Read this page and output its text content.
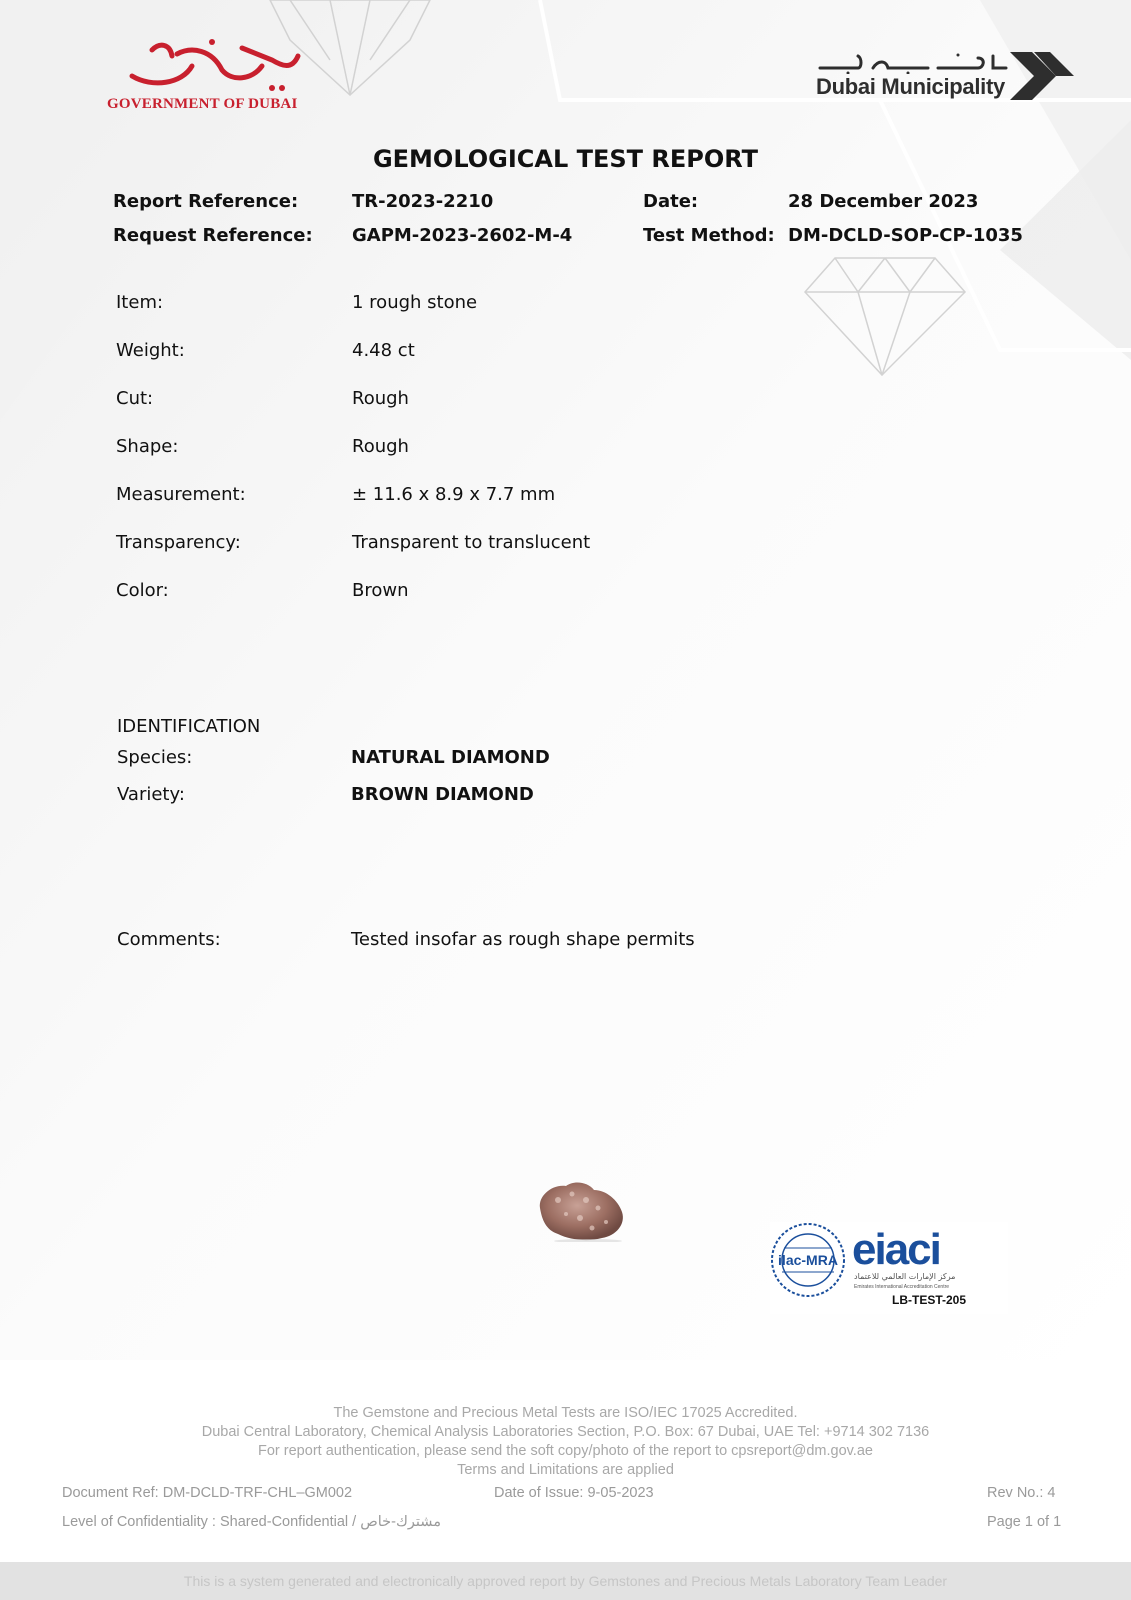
GOVERNMENT OF DUBAI
Dubai Municipality
GEMOLOGICAL TEST REPORT
Report Reference:	TR-2023-2210	Date:	28 December 2023
Request Reference: GAPM-2023-2602-M-4	Test Method: DM-DCLD-SOP-CP-1035
Item:	1 rough stone
Weight:	4.48 ct
Cut:	Rough
Shape:	Rough
Measurement:	± 11.6 x 8.9 x 7.7 mm
Transparency:	Transparent to translucent
Color:	Brown
IDENTIFICATION
Species:	NATURAL DIAMOND
Variety:	BROWN DIAMOND
Comments:	Tested insofar as rough shape permits
ilac-MRA eiaci
مركز الإمارات العالمي للاعتماد
Emirates International Accreditation Centre
LB-TEST-205
The Gemstone and Precious Metal Tests are ISO/IEC 17025 Accredited.
Dubai Central Laboratory, Chemical Analysis Laboratories Section, P.O. Box: 67 Dubai, UAE Tel: +9714 302 7136
For report authentication, please send the soft copy/photo of the report to cpsreport@dm.gov.ae
Terms and Limitations are applied
Document Ref: DM-DCLD-TRF-CHL–GM002	Date of Issue: 9-05-2023	Rev No.: 4
Level of Confidentiality : Shared-Confidential / مشترك-خاص	Page 1 of 1
This is a system generated and electronically approved report by Gemstones and Precious Metals Laboratory Team Leader
